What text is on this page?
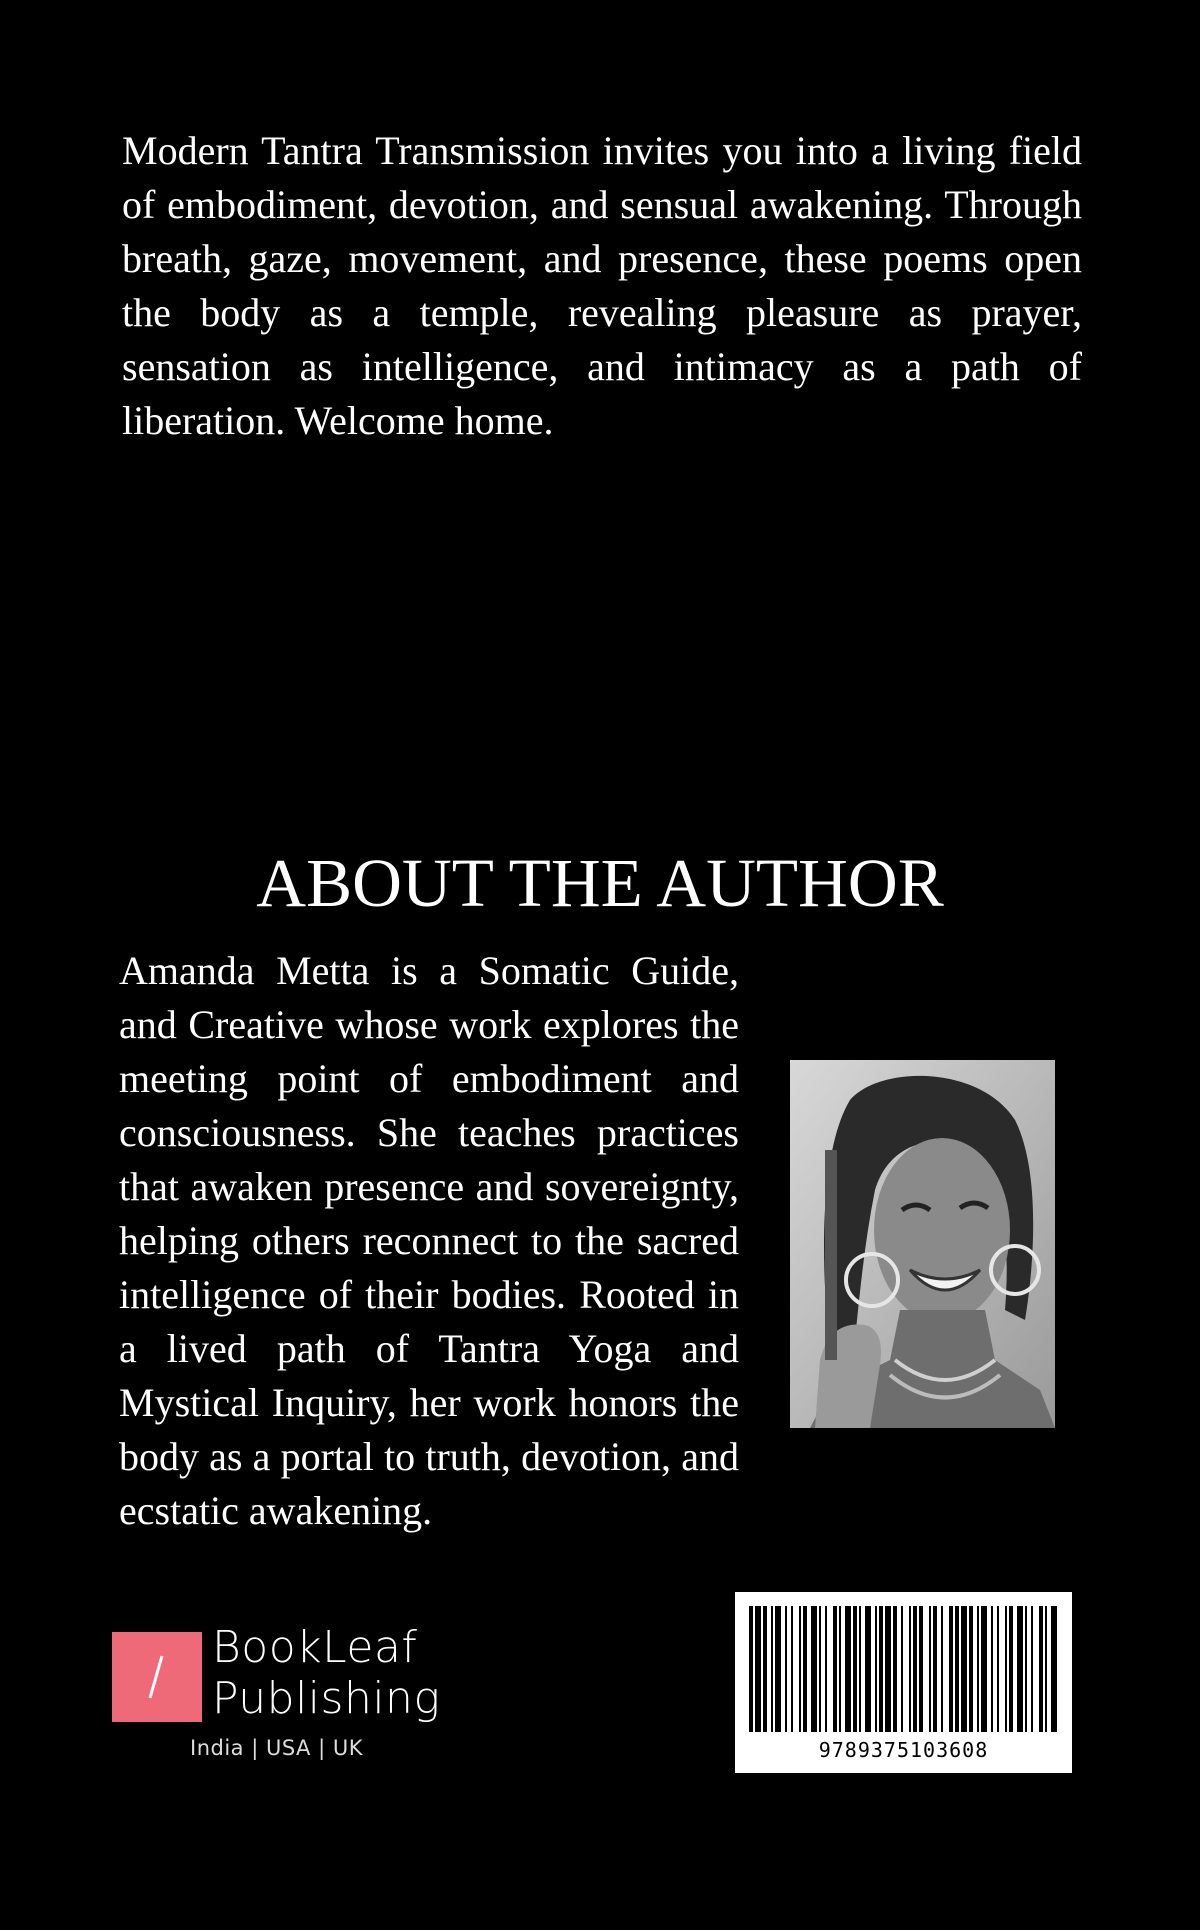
Modern Tantra Transmission invites you into a living field of embodiment, devotion, and sensual awakening. Through breath, gaze, movement, and presence, these poems open the body as a temple, revealing pleasure as prayer, sensation as intelligence, and intimacy as a path of liberation. Welcome home.

ABOUT THE AUTHOR

Amanda Metta is a Somatic Guide, and Creative whose work explores the meeting point of embodiment and consciousness. She teaches practices that awaken presence and sovereignty, helping others reconnect to the sacred intelligence of their bodies. Rooted in a lived path of Tantra Yoga and Mystical Inquiry, her work honors the body as a portal to truth, devotion, and ecstatic awakening.

BookLeaf
Publishing
India | USA | UK	9789375103608
